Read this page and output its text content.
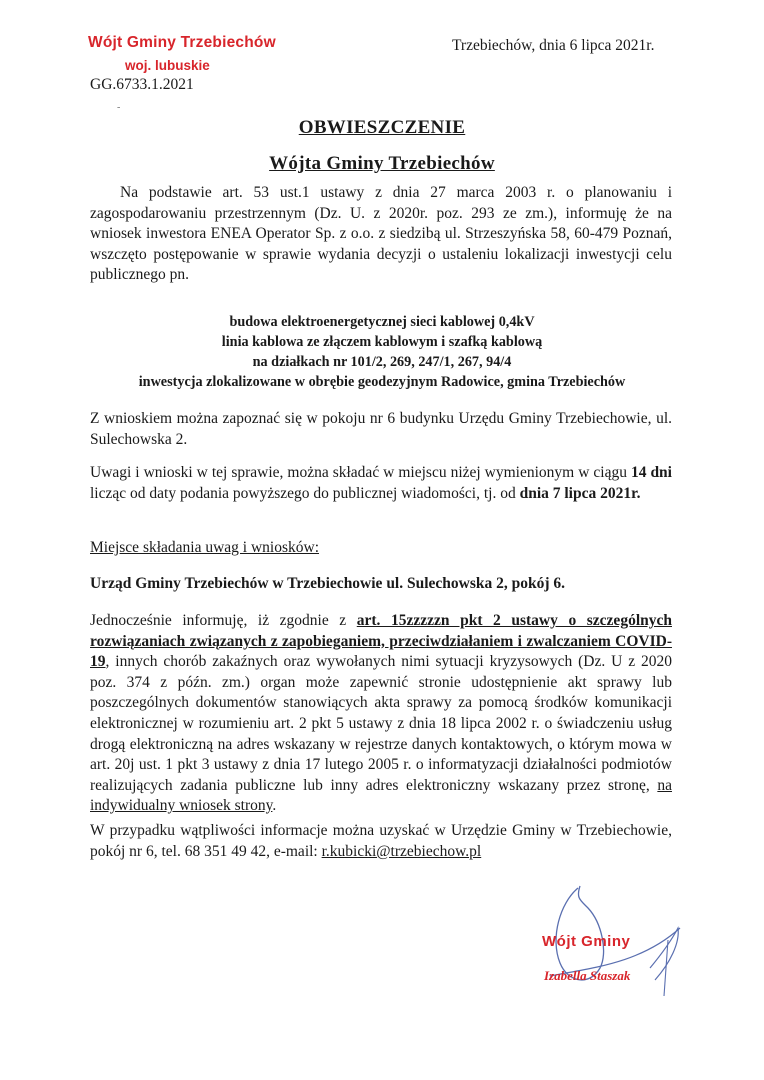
Wójt Gminy Trzebiechów
woj. lubuskie
GG.6733.1.2021
Trzebiechów, dnia 6 lipca 2021r.
-
OBWIESZCZENIE
Wójta Gminy Trzebiechów
Na podstawie art. 53 ust.1 ustawy z dnia 27 marca 2003 r. o planowaniu i zagospodarowaniu przestrzennym (Dz. U. z 2020r. poz. 293 ze zm.), informuję że na wniosek inwestora ENEA Operator Sp. z o.o. z siedzibą ul. Strzeszyńska 58, 60-479 Poznań, wszczęto postępowanie w sprawie wydania decyzji o ustaleniu lokalizacji inwestycji celu publicznego pn.
budowa elektroenergetycznej sieci kablowej 0,4kV
linia kablowa ze złączem kablowym i szafką kablową
na działkach nr 101/2, 269, 247/1, 267, 94/4
inwestycja zlokalizowane w obrębie geodezyjnym Radowice, gmina Trzebiechów
Z wnioskiem można zapoznać się w pokoju nr 6 budynku Urzędu Gminy Trzebiechowie, ul. Sulechowska 2.
Uwagi i wnioski w tej sprawie, można składać w miejscu niżej wymienionym w ciągu 14 dni licząc od daty podania powyższego do publicznej wiadomości, tj. od dnia 7 lipca 2021r.
Miejsce składania uwag i wniosków:
Urząd Gminy Trzebiechów w Trzebiechowie ul. Sulechowska 2, pokój 6.
Jednocześnie informuję, iż zgodnie z art. 15zzzzzn pkt 2 ustawy o szczególnych rozwiązaniach związanych z zapobieganiem, przeciwdziałaniem i zwalczaniem COVID-19, innych chorób zakaźnych oraz wywołanych nimi sytuacji kryzysowych (Dz. U z 2020 poz. 374 z późn. zm.) organ może zapewnić stronie udostępnienie akt sprawy lub poszczególnych dokumentów stanowiących akta sprawy za pomocą środków komunikacji elektronicznej w rozumieniu art. 2 pkt 5 ustawy z dnia 18 lipca 2002 r. o świadczeniu usług drogą elektroniczną na adres wskazany w rejestrze danych kontaktowych, o którym mowa w art. 20j ust. 1 pkt 3 ustawy z dnia 17 lutego 2005 r. o informatyzacji działalności podmiotów realizujących zadania publiczne lub inny adres elektroniczny wskazany przez stronę, na indywidualny wniosek strony.
W przypadku wątpliwości informacje można uzyskać w Urzędzie Gminy w Trzebiechowie, pokój nr 6, tel. 68 351 49 42, e-mail: r.kubicki@trzebiechow.pl
Wójt Gminy
Izabella Staszak
